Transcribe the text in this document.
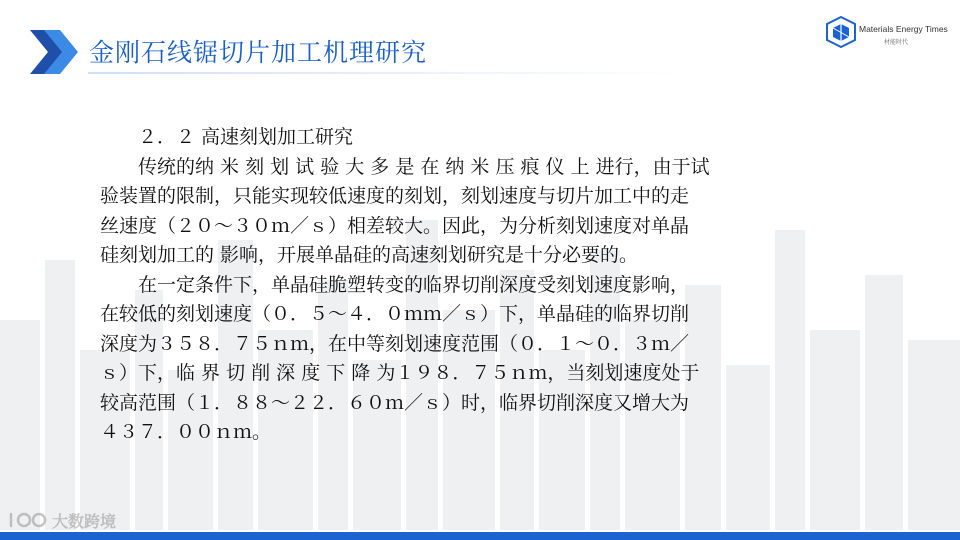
金刚石线锯切片加工机理研究
Materials Energy Times
材能时代

　　２．２ 高速刻划加工研究

　　传统的纳 米 刻 划 试 验 大 多 是 在 纳 米 压 痕 仪 上 进行，由于试

验装置的限制，只能实现较低速度的刻划，刻划速度与切片加工中的走

丝速度（２０～３０ｍ／ｓ）相差较大。因此，为分析刻划速度对单晶

硅刻划加工的 影响，开展单晶硅的高速刻划研究是十分必要的。

　　在一定条件下，单晶硅脆塑转变的临界切削深度受刻划速度影响，

在较低的刻划速度（０．５～４．０ｍｍ／ｓ）下，单晶硅的临界切削

深度为３５８．７５ｎｍ，在中等刻划速度范围（０．１～０．３ｍ／

ｓ）下，临 界 切 削 深 度 下 降 为１９８．７５ｎｍ，当刻划速度处于

较高范围（１．８８～２２．６０ｍ／ｓ）时，临界切削深度又增大为

４３７．００ｎｍ。

大数跨境
